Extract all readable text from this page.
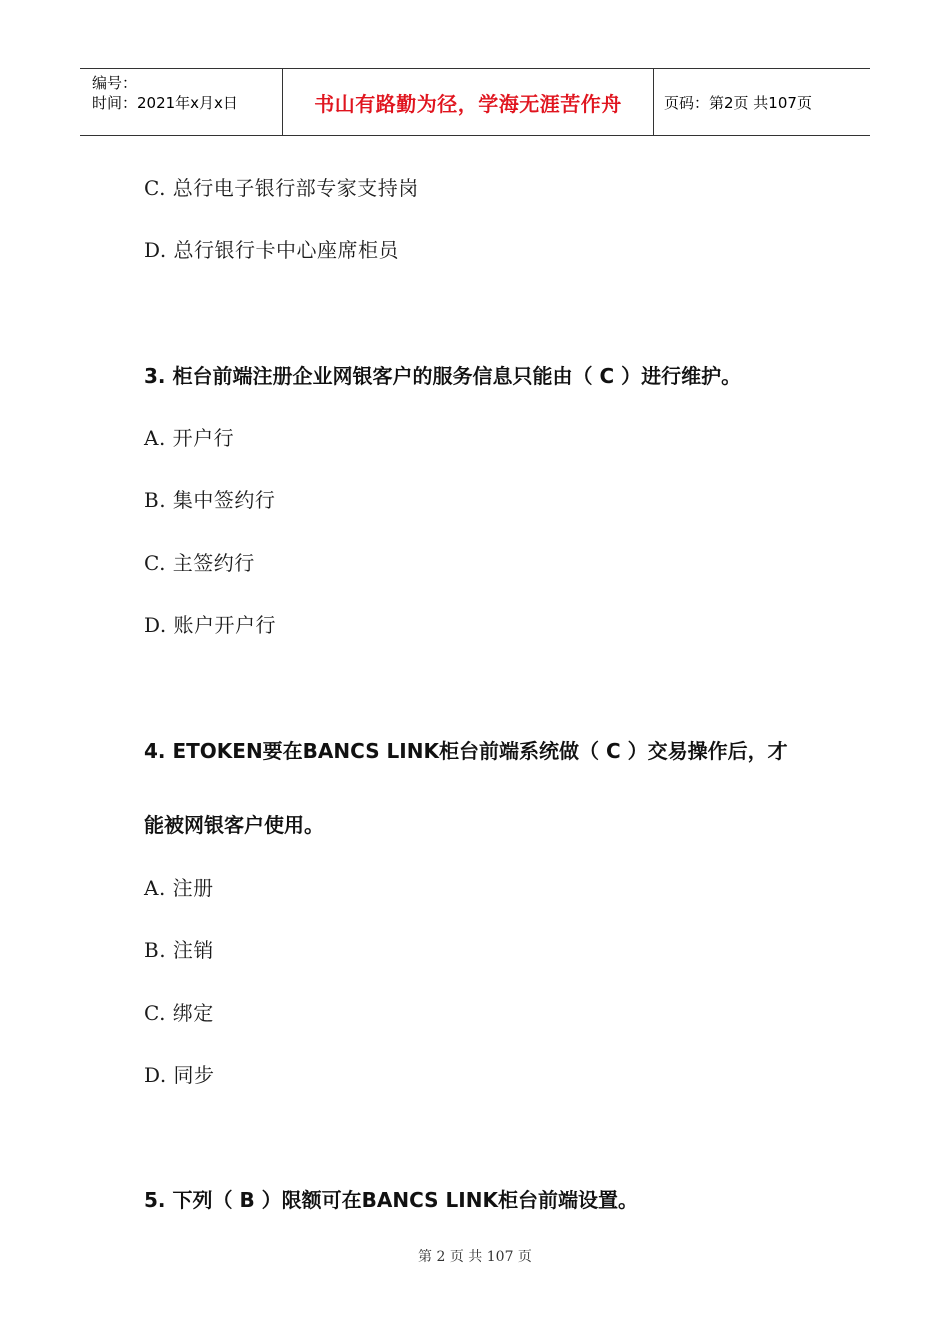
编号：
时间：2021年x月x日	书山有路勤为径，学海无涯苦作舟	页码：第2页 共107页
C. 总行电子银行部专家支持岗
D. 总行银行卡中心座席柜员
3. 柜台前端注册企业网银客户的服务信息只能由（ C ）进行维护。
A. 开户行
B. 集中签约行
C. 主签约行
D. 账户开户行
4. ETOKEN要在BANCS LINK柜台前端系统做（ C ）交易操作后，才
能被网银客户使用。
A. 注册
B. 注销
C. 绑定
D. 同步
5. 下列（ B ）限额可在BANCS LINK柜台前端设置。
第 2 页 共 107 页
